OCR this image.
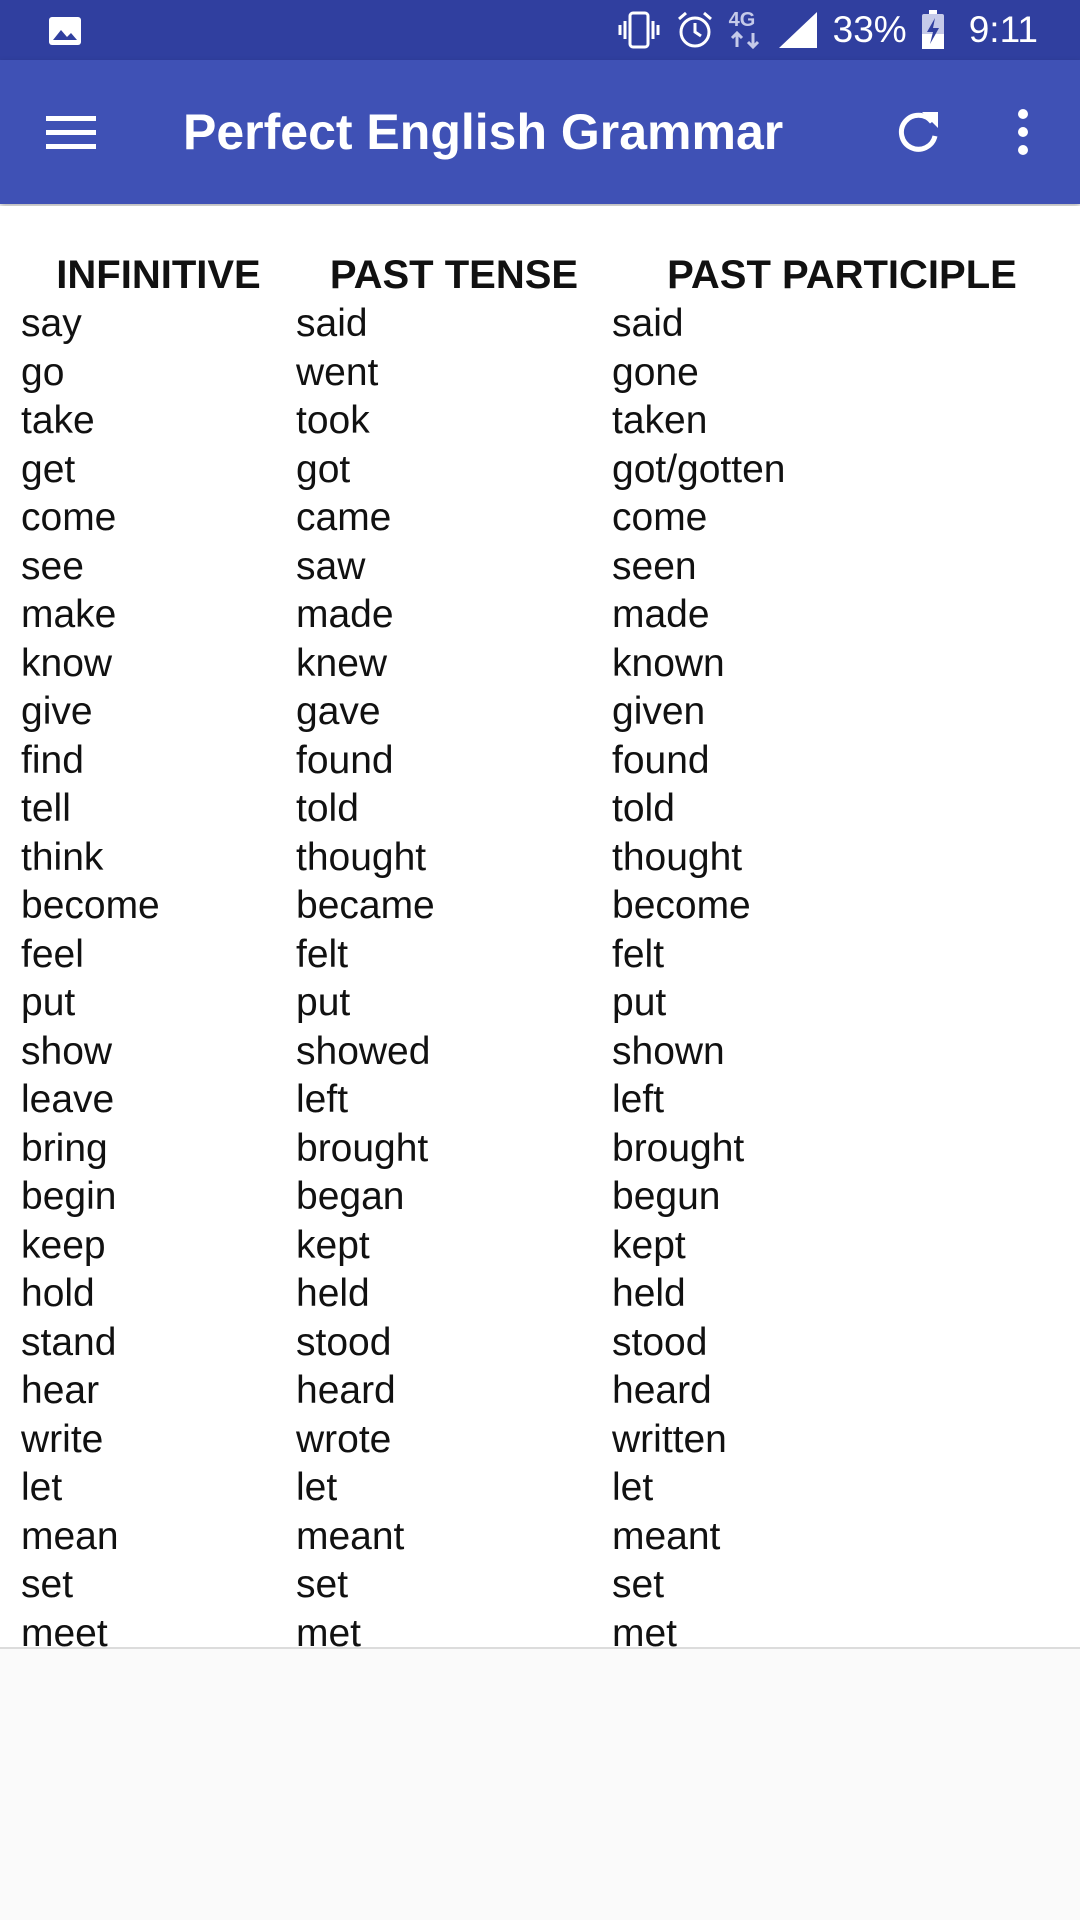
4G 33% 9:11
Perfect English Grammar
INFINITIVE	PAST TENSE	PAST PARTICIPLE
say	said	said
go	went	gone
take	took	taken
get	got	got/gotten
come	came	come
see	saw	seen
make	made	made
know	knew	known
give	gave	given
find	found	found
tell	told	told
think	thought	thought
become	became	become
feel	felt	felt
put	put	put
show	showed	shown
leave	left	left
bring	brought	brought
begin	began	begun
keep	kept	kept
hold	held	held
stand	stood	stood
hear	heard	heard
write	wrote	written
let	let	let
mean	meant	meant
set	set	set
meet	met	met
